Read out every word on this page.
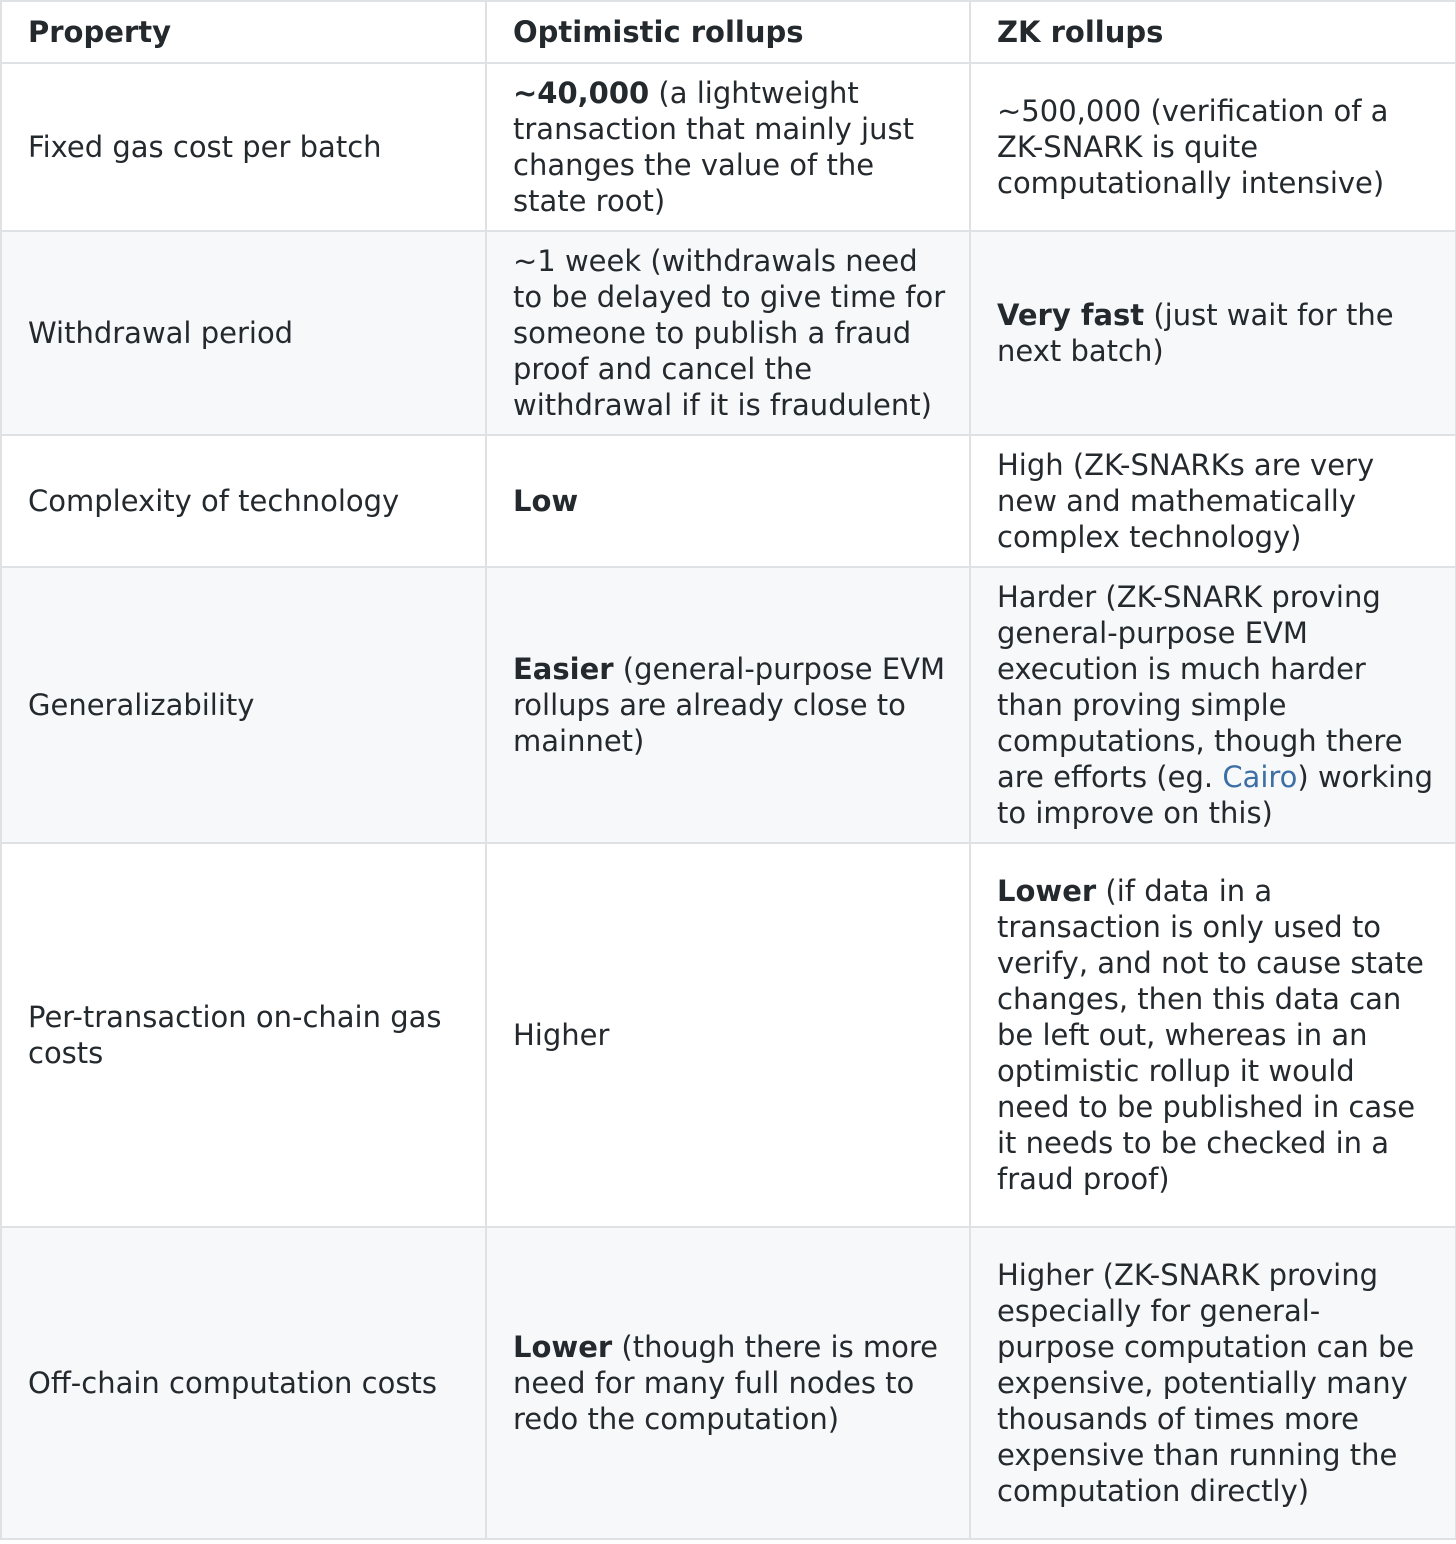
Property	Optimistic rollups	ZK rollups
Fixed gas cost per batch	~40,000 (a lightweight transaction that mainly just changes the value of the state root)	~500,000 (verification of a ZK-SNARK is quite computationally intensive)
Withdrawal period	~1 week (withdrawals need to be delayed to give time for someone to publish a fraud proof and cancel the withdrawal if it is fraudulent)	Very fast (just wait for the next batch)
Complexity of technology	Low	High (ZK-SNARKs are very new and mathematically complex technology)
Generalizability	Easier (general-purpose EVM rollups are already close to mainnet)	Harder (ZK-SNARK proving general-purpose EVM execution is much harder than proving simple computations, though there are efforts (eg. Cairo) working to improve on this)
Per-transaction on-chain gas costs	Higher	Lower (if data in a transaction is only used to verify, and not to cause state changes, then this data can be left out, whereas in an optimistic rollup it would need to be published in case it needs to be checked in a fraud proof)
Off-chain computation costs	Lower (though there is more need for many full nodes to redo the computation)	Higher (ZK-SNARK proving especially for general-purpose computation can be expensive, potentially many thousands of times more expensive than running the computation directly)
